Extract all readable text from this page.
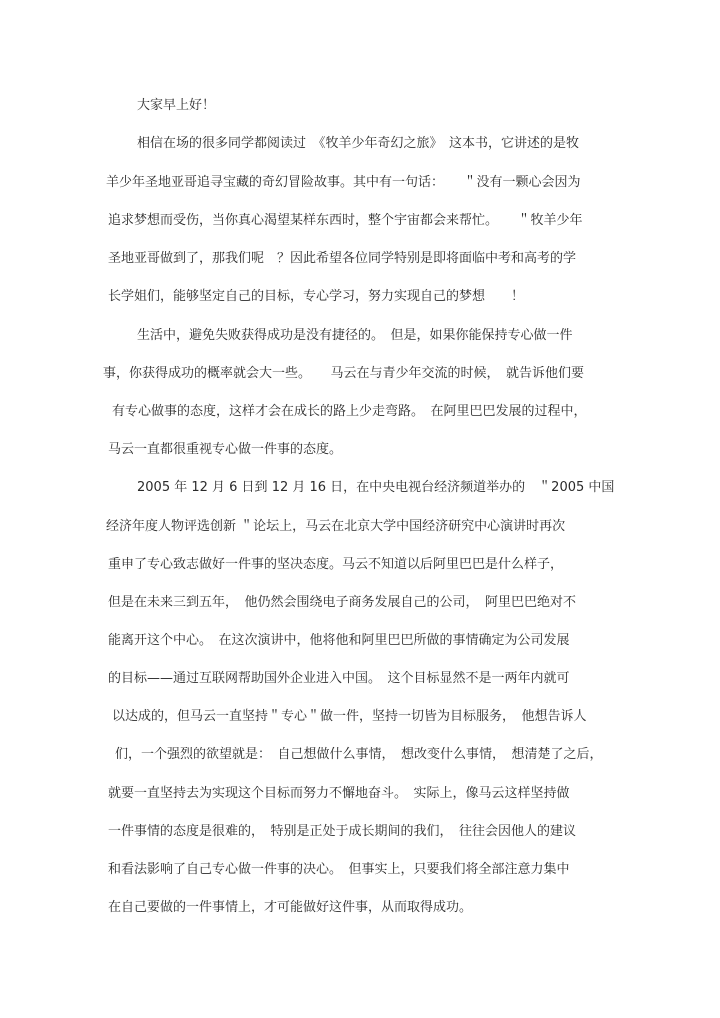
大家早上好！

相信在场的很多同学都阅读过　《牧羊少年奇幻之旅》　这本书，它讲述的是牧

羊少年圣地亚哥追寻宝藏的奇幻冒险故事。其中有一句话：　　＂没有一颗心会因为

追求梦想而受伤，当你真心渴望某样东西时，整个宇宙都会来帮忙。　　＂牧羊少年

圣地亚哥做到了，那我们呢　？因此希望各位同学特别是即将面临中考和高考的学

长学姐们，能够坚定自己的目标，专心学习，努力实现自己的梦想　　！

生活中，避免失败获得成功是没有捷径的。　但是，如果你能保持专心做一件

事，你获得成功的概率就会大一些。　　马云在与青少年交流的时候，　就告诉他们要

有专心做事的态度，这样才会在成长的路上少走弯路。　在阿里巴巴发展的过程中，

马云一直都很重视专心做一件事的态度。

2005 年 12 月 6 日到 12 月 16 日，在中央电视台经济频道举办的　＂2005 中国

经济年度人物评选创新 ＂论坛上，马云在北京大学中国经济研究中心演讲时再次

重申了专心致志做好一件事的坚决态度。马云不知道以后阿里巴巴是什么样子，

但是在未来三到五年，　他仍然会围绕电子商务发展自己的公司，　阿里巴巴绝对不

能离开这个中心。　在这次演讲中，他将他和阿里巴巴所做的事情确定为公司发展

的目标——通过互联网帮助国外企业进入中国。　这个目标显然不是一两年内就可

以达成的，但马云一直坚持＂专心＂做一件，坚持一切皆为目标服务，　他想告诉人

们，一个强烈的欲望就是：　自己想做什么事情，　想改变什么事情，　想清楚了之后，

就要一直坚持去为实现这个目标而努力不懈地奋斗。　实际上，像马云这样坚持做

一件事情的态度是很难的，　特别是正处于成长期间的我们，　往往会因他人的建议

和看法影响了自己专心做一件事的决心。　但事实上，只要我们将全部注意力集中

在自己要做的一件事情上，才可能做好这件事，从而取得成功。
